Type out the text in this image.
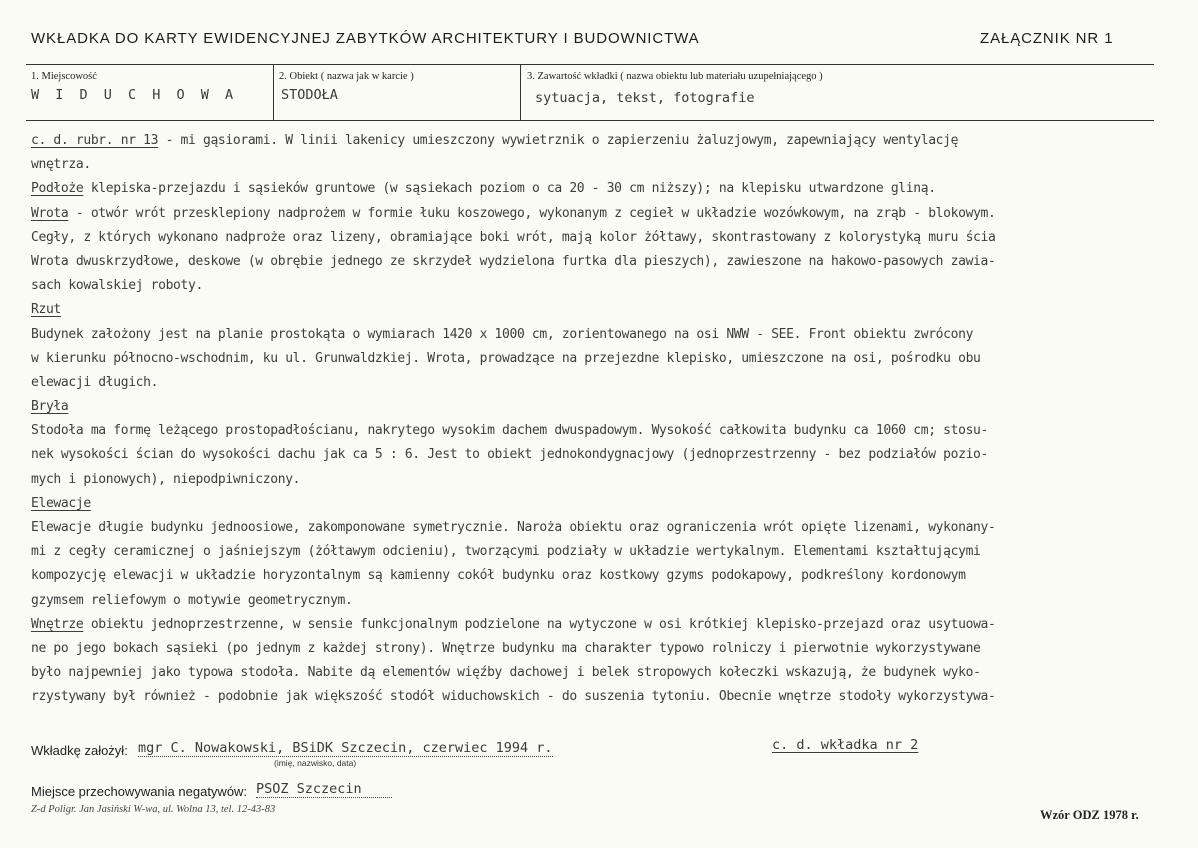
WKŁADKA DO KARTY EWIDENCYJNEJ ZABYTKÓW ARCHITEKTURY I BUDOWNICTWA	ZAŁĄCZNIK NR 1
1. Miejscowość
W I D U C H O W A
2. Obiekt ( nazwa jak w karcie )
STODOŁA
3. Zawartość wkładki ( nazwa obiektu lub materiału uzupełniającego )
sytuacja, tekst, fotografie
c. d. rubr. nr 13 - mi gąsiorami. W linii lakenicy umieszczony wywietrznik o zapierzeniu żaluzjowym, zapewniający wentylację
wnętrza.
Podłoże klepiska-przejazdu i sąsieków gruntowe (w sąsiekach poziom o ca 20 - 30 cm niższy); na klepisku utwardzone gliną.
Wrota - otwór wrót przesklepiony nadprożem w formie łuku koszowego, wykonanym z cegieł w układzie wozówkowym, na zrąb - blokowym.
Cegły, z których wykonano nadproże oraz lizeny, obramiające boki wrót, mają kolor żółtawy, skontrastowany z kolorystyką muru ścia
Wrota dwuskrzydłowe, deskowe (w obrębie jednego ze skrzydeł wydzielona furtka dla pieszych), zawieszone na hakowo-pasowych zawia-
sach kowalskiej roboty.
Rzut
Budynek założony jest na planie prostokąta o wymiarach 1420 x 1000 cm, zorientowanego na osi NWW - SEE. Front obiektu zwrócony
w kierunku północno-wschodnim, ku ul. Grunwaldzkiej. Wrota, prowadzące na przejezdne klepisko, umieszczone na osi, pośrodku obu
elewacji długich.
Bryła
Stodoła ma formę leżącego prostopadłościanu, nakrytego wysokim dachem dwuspadowym. Wysokość całkowita budynku ca 1060 cm; stosu-
nek wysokości ścian do wysokości dachu jak ca 5 : 6. Jest to obiekt jednokondygnacjowy (jednoprzestrzenny - bez podziałów pozio-
mych i pionowych), niepodpiwniczony.
Elewacje
Elewacje długie budynku jednoosiowe, zakomponowane symetrycznie. Naroża obiektu oraz ograniczenia wrót opięte lizenami, wykonany-
mi z cegły ceramicznej o jaśniejszym (żółtawym odcieniu), tworzącymi podziały w układzie wertykalnym. Elementami kształtującymi
kompozycję elewacji w układzie horyzontalnym są kamienny cokół budynku oraz kostkowy gzyms podokapowy, podkreślony kordonowym
gzymsem reliefowym o motywie geometrycznym.
Wnętrze obiektu jednoprzestrzenne, w sensie funkcjonalnym podzielone na wytyczone w osi krótkiej klepisko-przejazd oraz usytuowa-
ne po jego bokach sąsieki (po jednym z każdej strony). Wnętrze budynku ma charakter typowo rolniczy i pierwotnie wykorzystywane
było najpewniej jako typowa stodoła. Nabite dą elementów więźby dachowej i belek stropowych kołeczki wskazują, że budynek wyko-
rzystywany był również - podobnie jak większość stodół widuchowskich - do suszenia tytoniu. Obecnie wnętrze stodoły wykorzystywa-
Wkładkę założył: mgr C. Nowakowski, BSiDK Szczecin, czerwiec 1994 r.
(imię, nazwisko, data)
c. d. wkładka nr 2
Miejsce przechowywania negatywów: PSOZ Szczecin
Z-d Poligr. Jan Jasiński W-wa, ul. Wolna 13, tel. 12-43-83	Wzór ODZ 1978 r.
